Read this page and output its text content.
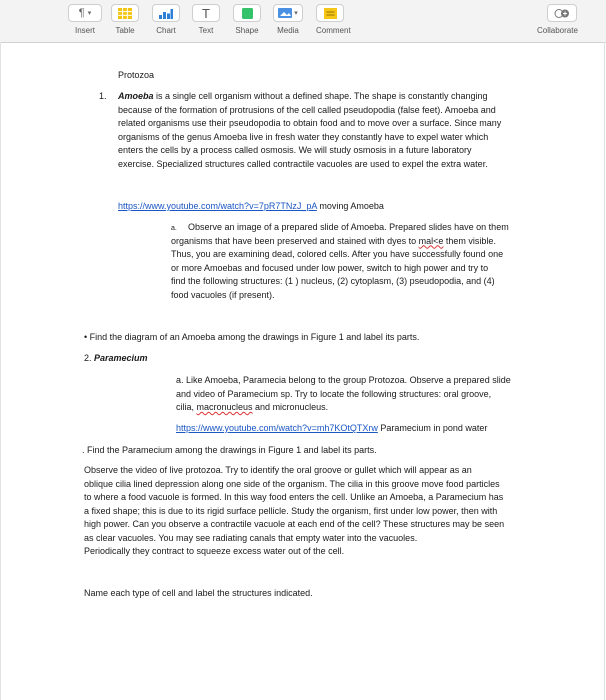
¶ ▾
Insert	Table	Chart
T
Text	Shape
▾
Media	Comment	Collaborate
Protozoa
1. Amoeba is a single cell organism without a defined shape. The shape is constantly changing
because of the formation of protrusions of the cell called pseudopodia (false feet). Amoeba and
related organisms use their pseudopodia to obtain food and to move over a surface. Since many
organisms of the genus Amoeba live in fresh water they constantly have to expel water which
enters the cells by a process called osmosis. We will study osmosis in a future laboratory
exercise. Specialized structures called contractile vacuoles are used to expel the extra water.
https://www.youtube.com/watch?v=7pR7TNzJ_pA moving Amoeba
a. Observe an image of a prepared slide of Amoeba. Prepared slides have on them
organisms that have been preserved and stained with dyes to mal<e them visible.
Thus, you are examining dead, colored cells. After you have successfully found one
or more Amoebas and focused under low power, switch to high power and try to
find the following structures: (1 ) nucleus, (2) cytoplasm, (3) pseudopodia, and (4)
food vacuoles (if present).
• Find the diagram of an Amoeba among the drawings in Figure 1 and label its parts.
2. Paramecium
a. Like Amoeba, Paramecia belong to the group Protozoa. Observe a prepared slide
and video of Paramecium sp. Try to locate the following structures: oral groove,
cilia, macronucleus and micronucleus.
https://www.youtube.com/watch?v=mh7KOtQTXrw Paramecium in pond water
. Find the Paramecium among the drawings in Figure 1 and label its parts.
Observe the video of live protozoa. Try to identify the oral groove or gullet which will appear as an
oblique cilia lined depression along one side of the organism. The cilia in this groove move food particles
to where a food vacuole is formed. In this way food enters the cell. Unlike an Amoeba, a Paramecium has
a fixed shape; this is due to its rigid surface pellicle. Study the organism, first under low power, then with
high power. Can you observe a contractile vacuole at each end of the cell? These structures may be seen
as clear vacuoles. You may see radiating canals that empty water into the vacuoles.
Periodically they contract to squeeze excess water out of the cell.
Name each type of cell and label the structures indicated.
